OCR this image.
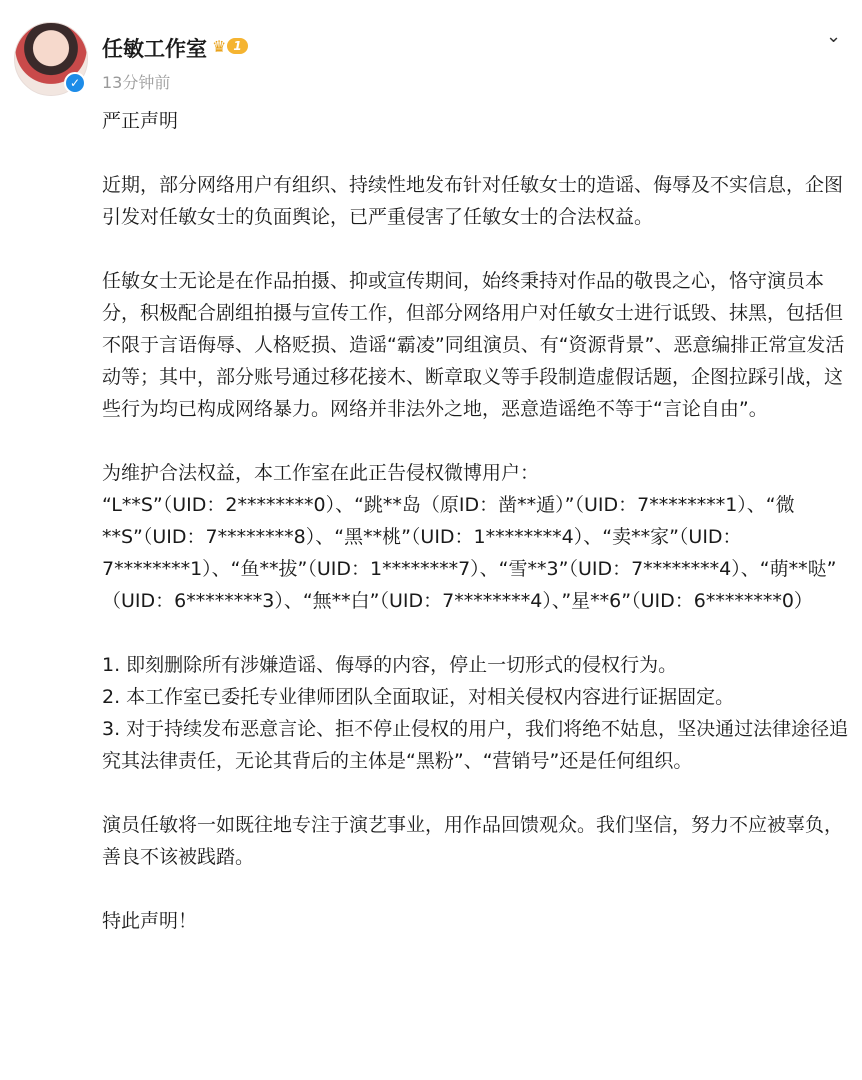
✓
任敏工作室 ♛ 1
13分钟前
⌄

严正声明

近期，部分网络用户有组织、持续性地发布针对任敏女士的造谣、侮辱及不实信息，企图引发对任敏女士的负面舆论，已严重侵害了任敏女士的合法权益。

任敏女士无论是在作品拍摄、抑或宣传期间，始终秉持对作品的敬畏之心，恪守演员本分，积极配合剧组拍摄与宣传工作，但部分网络用户对任敏女士进行诋毁、抹黑，包括但不限于言语侮辱、人格贬损、造谣“霸凌”同组演员、有“资源背景”、恶意编排正常宣发活动等；其中，部分账号通过移花接木、断章取义等手段制造虚假话题，企图拉踩引战，这些行为均已构成网络暴力。网络并非法外之地，恶意造谣绝不等于“言论自由”。

为维护合法权益，本工作室在此正告侵权微博用户：

“L**S”（UID：2********0）、“跳**岛（原ID：凿**遁）”（UID：7********1）、“微**S”（UID：7********8）、“黑**桃”（UID：1********4）、“卖**家”（UID：7********1）、“鱼**拔”（UID：1********7）、“雪**3”（UID：7********4）、“萌**哒”

（UID：6********3）、“無**白”（UID：7********4）、”星**6”（UID：6********0）

1. 即刻删除所有涉嫌造谣、侮辱的内容，停止一切形式的侵权行为。

2. 本工作室已委托专业律师团队全面取证，对相关侵权内容进行证据固定。

3. 对于持续发布恶意言论、拒不停止侵权的用户，我们将绝不姑息，坚决通过法律途径追究其法律责任，无论其背后的主体是“黑粉”、“营销号”还是任何组织。

演员任敏将一如既往地专注于演艺事业，用作品回馈观众。我们坚信，努力不应被辜负，善良不该被践踏。

特此声明！
